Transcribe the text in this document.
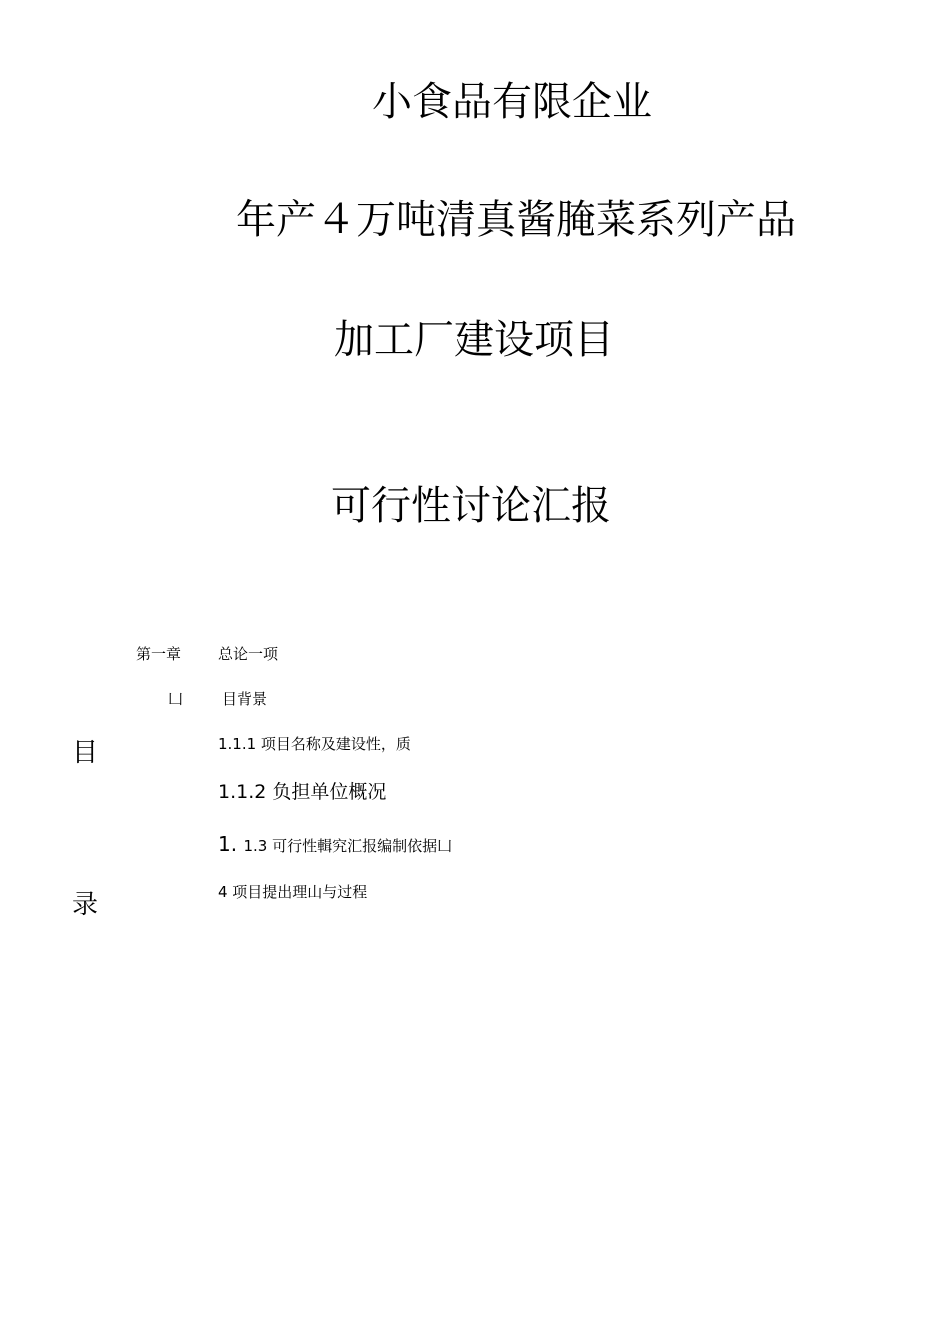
小食品有限企业
年产４万吨清真酱腌菜系列产品
加工厂建设项目
可行性讨论汇报
目
录
第一章 总论一项
凵	目背景
1.1.1 项目名称及建设性，质
1.1.2 负担单位概况
1. 1.3 可行性輯究汇报编制依据凵
4 项目提出理山与过程
